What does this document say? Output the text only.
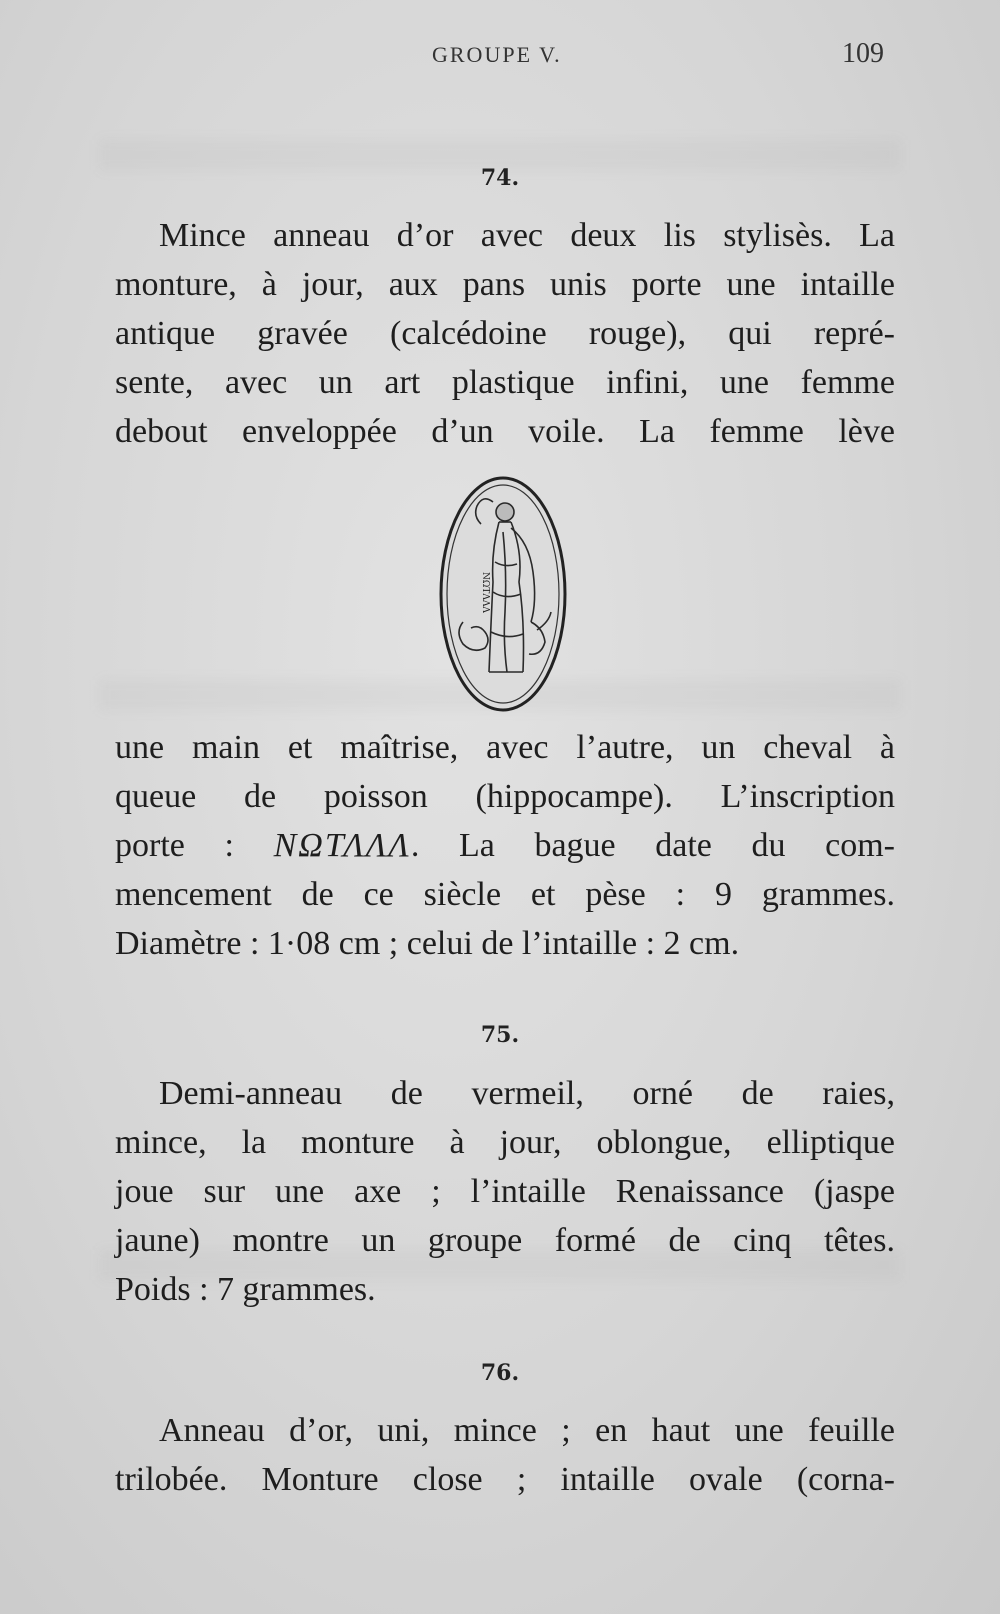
GROUPE V.	109
74.
Mince anneau d’or avec deux lis stylisès. La
monture, à jour, aux pans unis porte une intaille
antique gravée (calcédoine rouge), qui repré-
sente, avec un art plastique infini, une femme
debout enveloppée d’un voile. La femme lève
ΝΩΤΛΛΛ
une main et maîtrise, avec l’autre, un cheval à
queue de poisson (hippocampe). L’inscription
porte : ΝΩΤΛΛΛ. La bague date du com-
mencement de ce siècle et pèse : 9 grammes.
Diamètre : 1·08 cm ; celui de l’intaille : 2 cm.
75.
Demi-anneau de vermeil, orné de raies,
mince, la monture à jour, oblongue, elliptique
joue sur une axe ; l’intaille Renaissance (jaspe
jaune) montre un groupe formé de cinq têtes.
Poids : 7 grammes.
76.
Anneau d’or, uni, mince ; en haut une feuille
trilobée. Monture close ; intaille ovale (corna-
